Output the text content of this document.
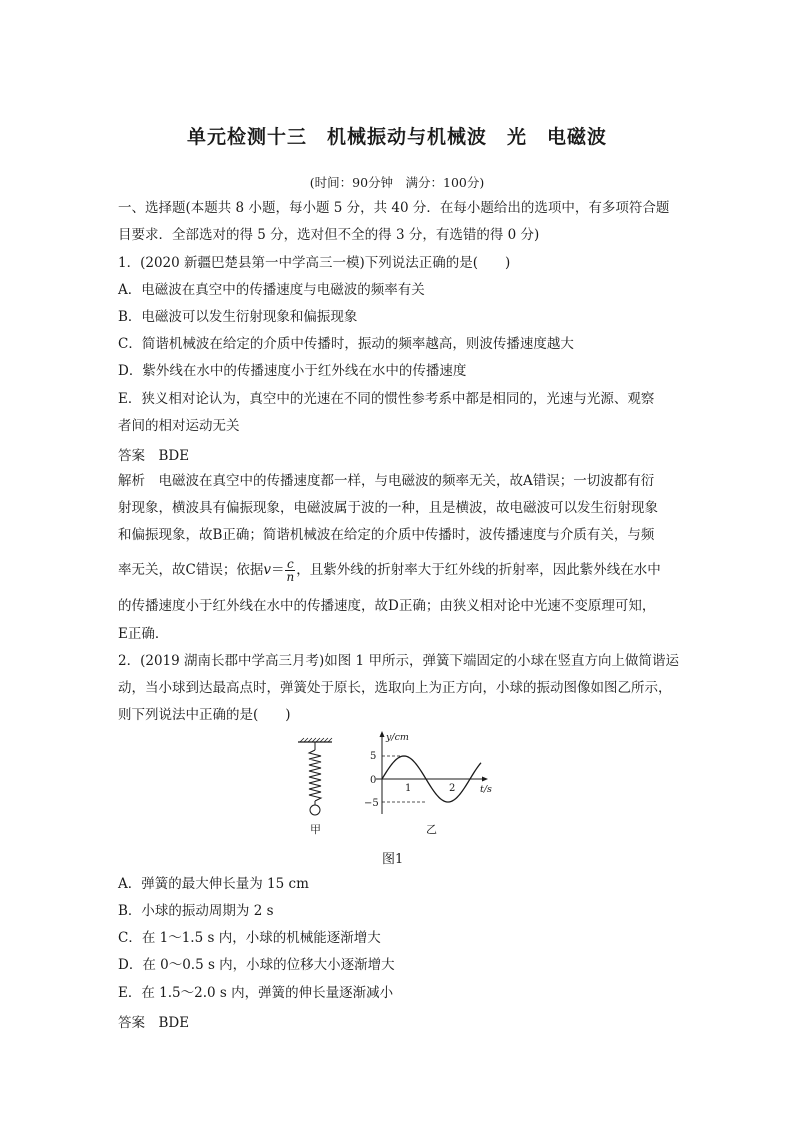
单元检测十三　机械振动与机械波　光　电磁波
(时间：90分钟　满分：100分)
一、选择题(本题共 8 小题，每小题 5 分，共 40 分．在每小题给出的选项中，有多项符合题
目要求．全部选对的得 5 分，选对但不全的得 3 分，有选错的得 0 分)
1．(2020 新疆巴楚县第一中学高三一模)下列说法正确的是(　　)
A．电磁波在真空中的传播速度与电磁波的频率有关
B．电磁波可以发生衍射现象和偏振现象
C．简谐机械波在给定的介质中传播时，振动的频率越高，则波传播速度越大
D．紫外线在水中的传播速度小于红外线在水中的传播速度
E．狭义相对论认为，真空中的光速在不同的惯性参考系中都是相同的，光速与光源、观察
者间的相对运动无关
答案　BDE
解析　电磁波在真空中的传播速度都一样，与电磁波的频率无关，故A错误；一切波都有衍
射现象，横波具有偏振现象，电磁波属于波的一种，且是横波，故电磁波可以发生衍射现象
和偏振现象，故B正确；简谐机械波在给定的介质中传播时，波传播速度与介质有关，与频
率无关，故C错误；依据$v= \frac{c}{n}$ ，且紫外线的折射率大于红外线的折射率，因此紫外线在水中
的传播速度小于红外线在水中的传播速度，故D正确；由狭义相对论中光速不变原理可知，
E正确．
2．(2019 湖南长郡中学高三月考)如图 1 甲所示，弹簧下端固定的小球在竖直方向上做简谐运
动，当小球到达最高点时，弹簧处于原长，选取向上为正方向，小球的振动图像如图乙所示，
则下列说法中正确的是(　　)
甲
y/cm
t/s
5
0
−5
1	2
乙
图1
A．弹簧的最大伸长量为 15 cm
B．小球的振动周期为 2 s
C．在 1～1.5 s 内，小球的机械能逐渐增大
D．在 0～0.5 s 内，小球的位移大小逐渐增大
E．在 1.5～2.0 s 内，弹簧的伸长量逐渐减小
答案　BDE
